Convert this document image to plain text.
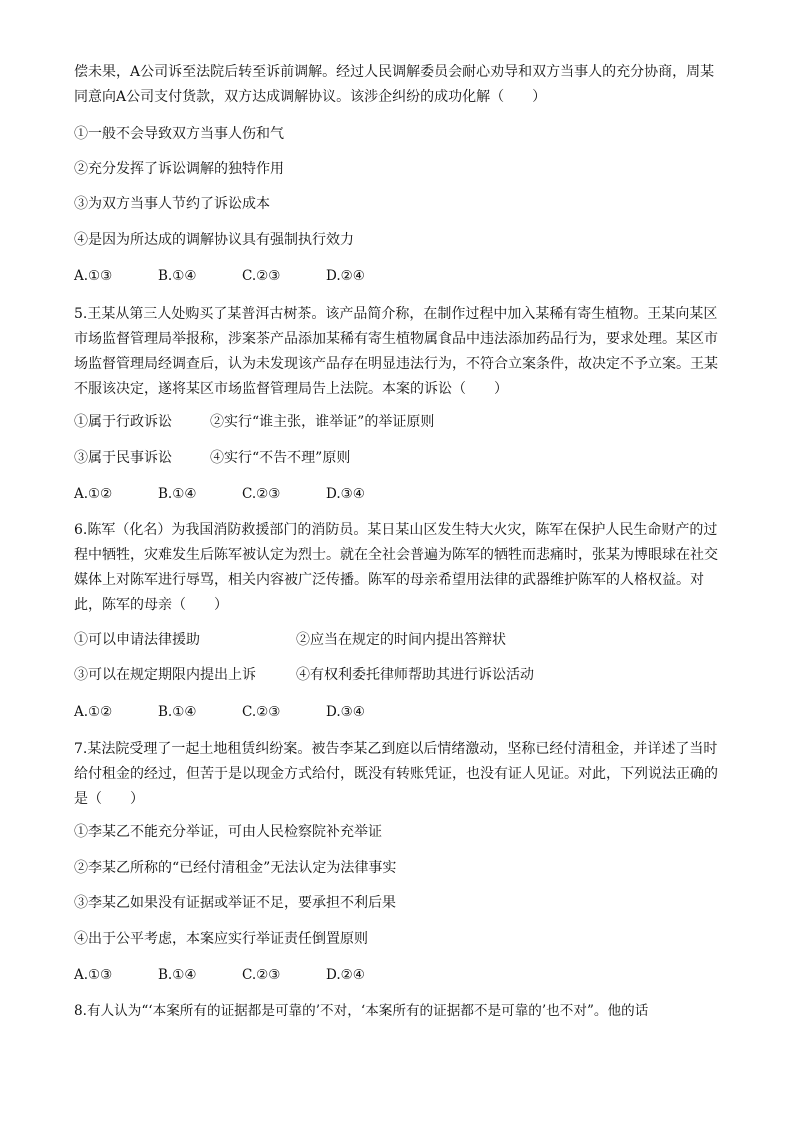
偿未果，A公司诉至法院后转至诉前调解。经过人民调解委员会耐心劝导和双方当事人的充分协商，周某同意向A公司支付货款，双方达成调解协议。该涉企纠纷的成功化解（　　）

①一般不会导致双方当事人伤和气
②充分发挥了诉讼调解的独特作用
③为双方当事人节约了诉讼成本
④是因为所达成的调解协议具有强制执行效力
A.①③	B.①④	C.②③	D.②④

5.王某从第三人处购买了某普洱古树茶。该产品简介称，在制作过程中加入某稀有寄生植物。王某向某区市场监督管理局举报称，涉案茶产品添加某稀有寄生植物属食品中违法添加药品行为，要求处理。某区市场监督管理局经调查后，认为未发现该产品存在明显违法行为，不符合立案条件，故决定不予立案。王某不服该决定，遂将某区市场监督管理局告上法院。本案的诉讼（　　）

①属于行政诉讼	②实行“谁主张，谁举证”的举证原则
③属于民事诉讼	④实行“不告不理”原则
A.①②	B.①④	C.②③	D.③④

6.陈军（化名）为我国消防救援部门的消防员。某日某山区发生特大火灾，陈军在保护人民生命财产的过程中牺牲，灾难发生后陈军被认定为烈士。就在全社会普遍为陈军的牺牲而悲痛时，张某为博眼球在社交媒体上对陈军进行辱骂，相关内容被广泛传播。陈军的母亲希望用法律的武器维护陈军的人格权益。对此，陈军的母亲（　　）

①可以申请法律援助	②应当在规定的时间内提出答辩状
③可以在规定期限内提出上诉	④有权利委托律师帮助其进行诉讼活动
A.①②	B.①④	C.②③	D.③④

7.某法院受理了一起土地租赁纠纷案。被告李某乙到庭以后情绪激动，坚称已经付清租金，并详述了当时给付租金的经过，但苦于是以现金方式给付，既没有转账凭证，也没有证人见证。对此，下列说法正确的是（　　）

①李某乙不能充分举证，可由人民检察院补充举证
②李某乙所称的“已经付清租金”无法认定为法律事实
③李某乙如果没有证据或举证不足，要承担不利后果
④出于公平考虑，本案应实行举证责任倒置原则
A.①③	B.①④	C.②③	D.②④
8.有人认为“‘本案所有的证据都是可靠的’不对，‘本案所有的证据都不是可靠的’也不对”。他的话
